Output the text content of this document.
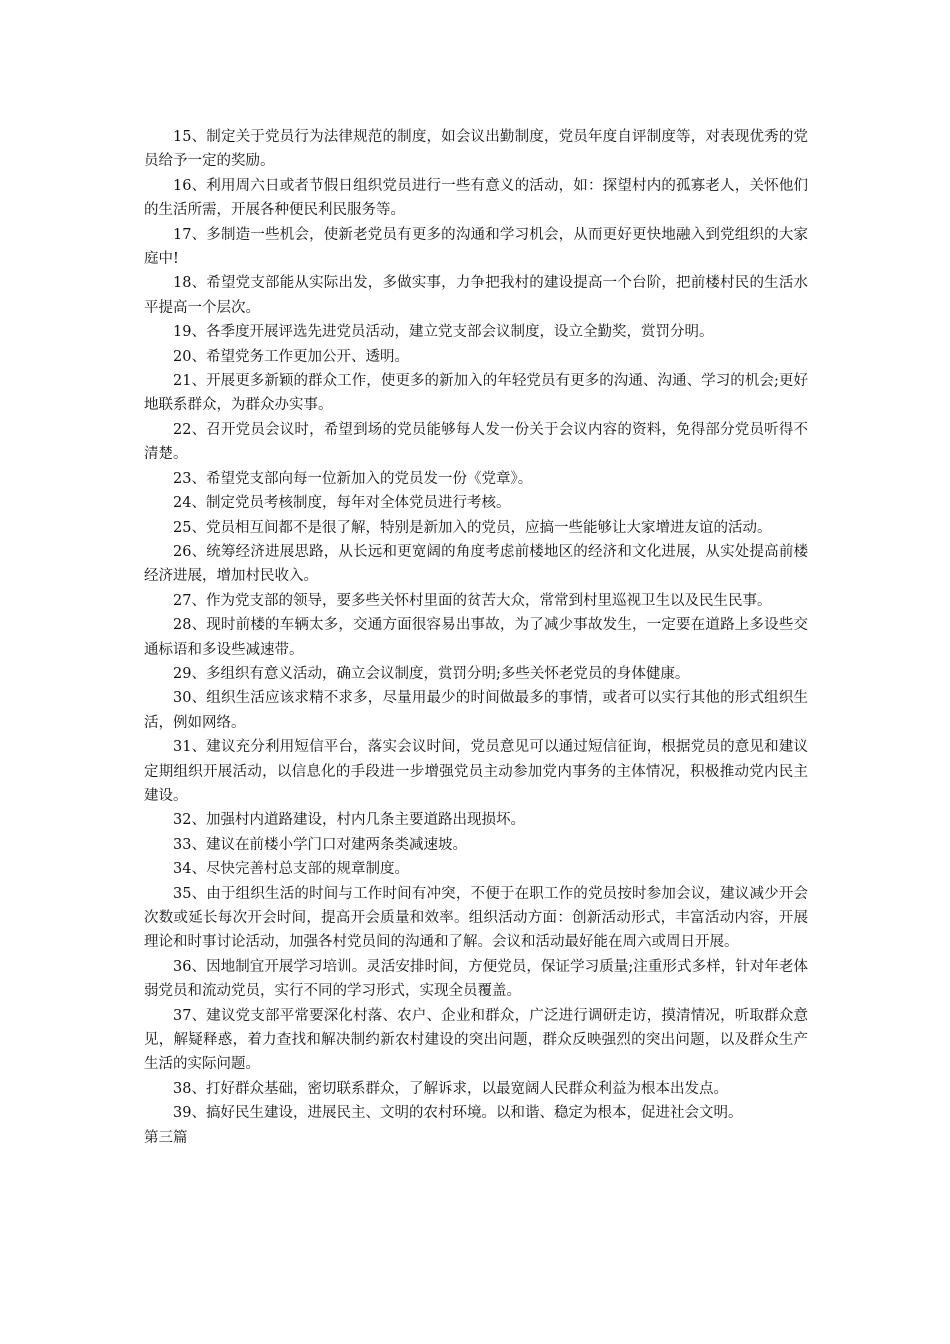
15、制定关于党员行为法律规范的制度，如会议出勤制度，党员年度自评制度等，对表现优秀的党员给予一定的奖励。

16、利用周六日或者节假日组织党员进行一些有意义的活动，如：探望村内的孤寡老人，关怀他们的生活所需，开展各种便民利民服务等。

17、多制造一些机会，使新老党员有更多的沟通和学习机会，从而更好更快地融入到党组织的大家庭中!

18、希望党支部能从实际出发，多做实事，力争把我村的建设提高一个台阶，把前楼村民的生活水平提高一个层次。

19、各季度开展评选先进党员活动，建立党支部会议制度，设立全勤奖，赏罚分明。

20、希望党务工作更加公开、透明。

21、开展更多新颖的群众工作，使更多的新加入的年轻党员有更多的沟通、沟通、学习的机会;更好地联系群众，为群众办实事。

22、召开党员会议时，希望到场的党员能够每人发一份关于会议内容的资料，免得部分党员听得不清楚。

23、希望党支部向每一位新加入的党员发一份《党章》。

24、制定党员考核制度，每年对全体党员进行考核。

25、党员相互间都不是很了解，特别是新加入的党员，应搞一些能够让大家增进友谊的活动。

26、统筹经济进展思路，从长远和更宽阔的角度考虑前楼地区的经济和文化进展，从实处提高前楼经济进展，增加村民收入。

27、作为党支部的领导，要多些关怀村里面的贫苦大众，常常到村里巡视卫生以及民生民事。

28、现时前楼的车辆太多，交通方面很容易出事故，为了减少事故发生，一定要在道路上多设些交通标语和多设些减速带。

29、多组织有意义活动，确立会议制度，赏罚分明;多些关怀老党员的身体健康。

30、组织生活应该求精不求多，尽量用最少的时间做最多的事情，或者可以实行其他的形式组织生活，例如网络。

31、建议充分利用短信平台，落实会议时间，党员意见可以通过短信征询，根据党员的意见和建议定期组织开展活动，以信息化的手段进一步增强党员主动参加党内事务的主体情况，积极推动党内民主建设。

32、加强村内道路建设，村内几条主要道路出现损坏。

33、建议在前楼小学门口对建两条类减速坡。

34、尽快完善村总支部的规章制度。

35、由于组织生活的时间与工作时间有冲突，不便于在职工作的党员按时参加会议，建议减少开会次数或延长每次开会时间，提高开会质量和效率。组织活动方面：创新活动形式，丰富活动内容，开展理论和时事讨论活动，加强各村党员间的沟通和了解。会议和活动最好能在周六或周日开展。

36、因地制宜开展学习培训。灵活安排时间，方便党员，保证学习质量;注重形式多样，针对年老体弱党员和流动党员，实行不同的学习形式，实现全员覆盖。

37、建议党支部平常要深化村落、农户、企业和群众，广泛进行调研走访，摸清情况，听取群众意见，解疑释惑，着力查找和解决制约新农村建设的突出问题，群众反映强烈的突出问题，以及群众生产生活的实际问题。

38、打好群众基础，密切联系群众，了解诉求，以最宽阔人民群众利益为根本出发点。

39、搞好民生建设，进展民主、文明的农村环境。以和谐、稳定为根本，促进社会文明。

第三篇
